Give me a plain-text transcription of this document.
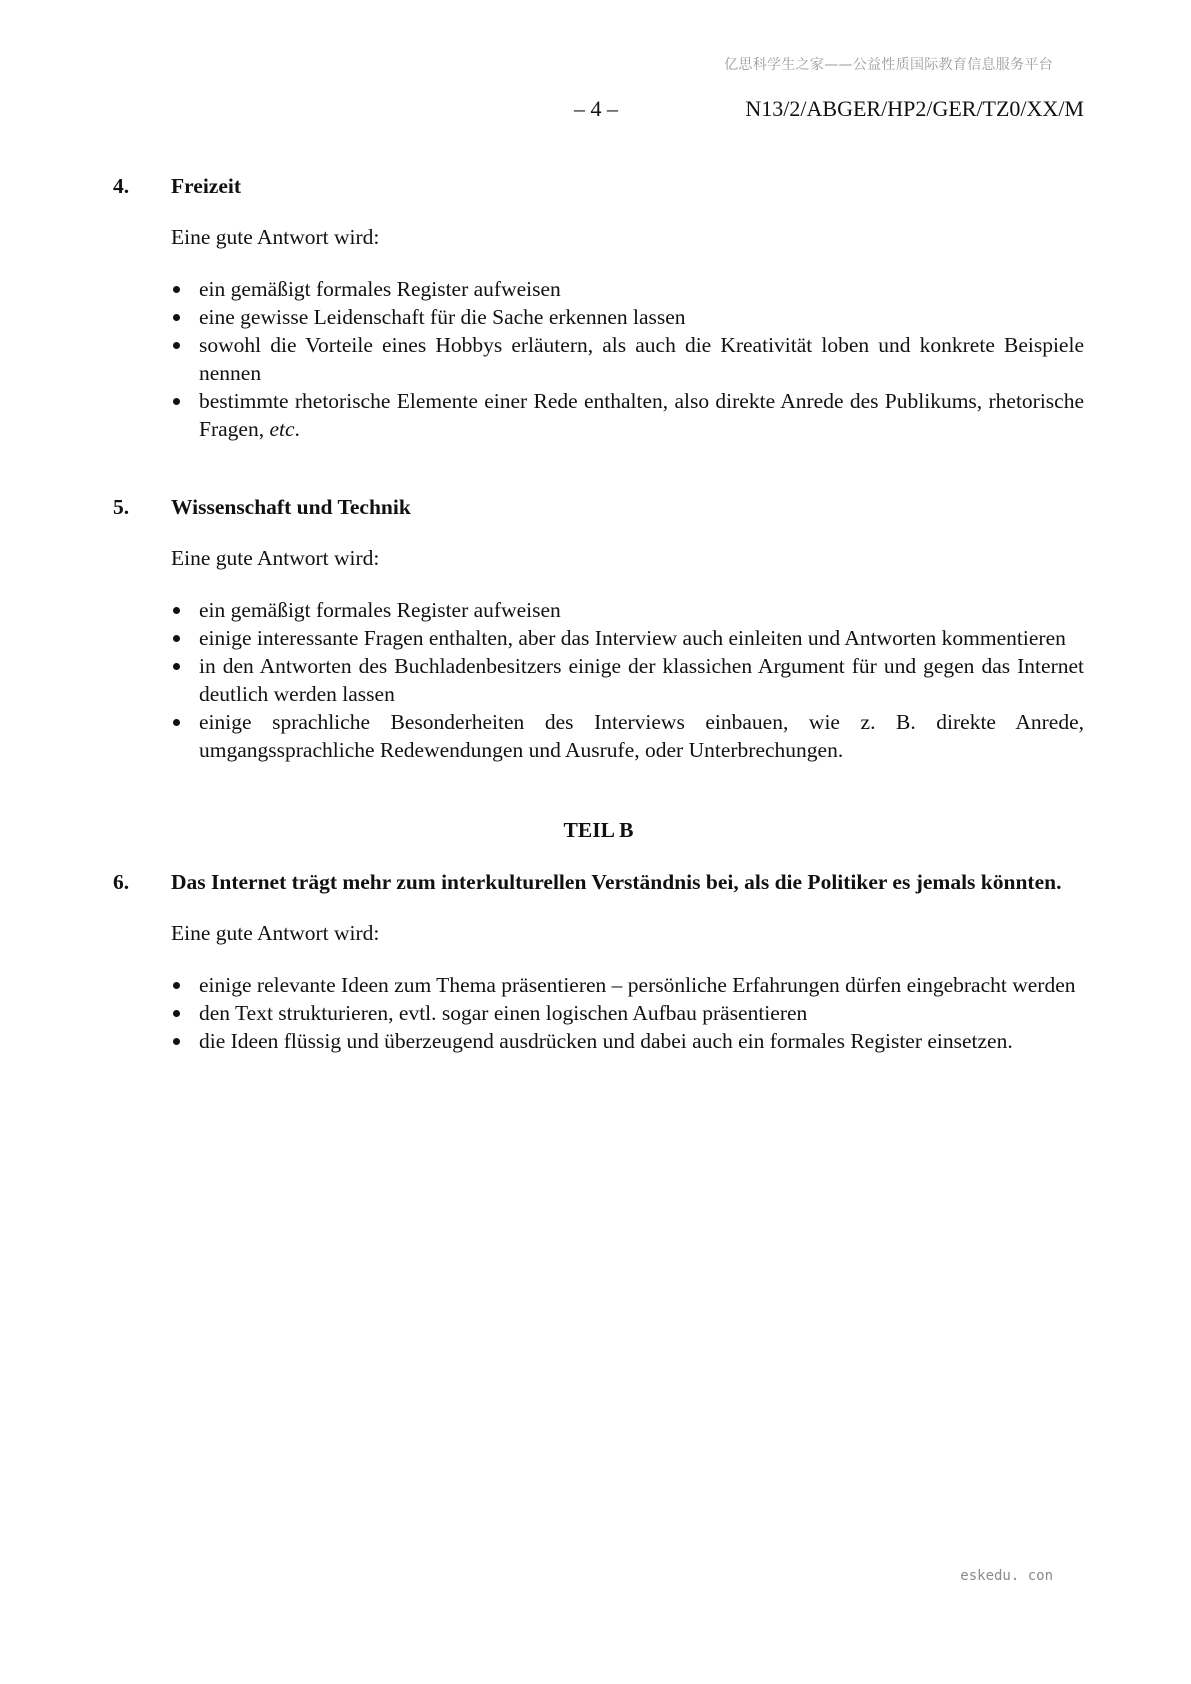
亿思科学生之家——公益性质国际教育信息服务平台
– 4 –	N13/2/ABGER/HP2/GER/TZ0/XX/M
4.	Freizeit
Eine gute Antwort wird:
ein gemäßigt formales Register aufweisen
eine gewisse Leidenschaft für die Sache erkennen lassen
sowohl die Vorteile eines Hobbys erläutern, als auch die Kreativität loben und konkrete Beispiele nennen
bestimmte rhetorische Elemente einer Rede enthalten, also direkte Anrede des Publikums, rhetorische Fragen, etc.
5.	Wissenschaft und Technik
Eine gute Antwort wird:
ein gemäßigt formales Register aufweisen
einige interessante Fragen enthalten, aber das Interview auch einleiten und Antworten kommentieren
in den Antworten des Buchladenbesitzers einige der klassichen Argument für und gegen das Internet deutlich werden lassen
einige sprachliche Besonderheiten des Interviews einbauen, wie z. B. direkte Anrede, umgangssprachliche Redewendungen und Ausrufe, oder Unterbrechungen.
TEIL B
6.	Das Internet trägt mehr zum interkulturellen Verständnis bei, als die Politiker es jemals könnten.
Eine gute Antwort wird:
einige relevante Ideen zum Thema präsentieren – persönliche Erfahrungen dürfen eingebracht werden
den Text strukturieren, evtl. sogar einen logischen Aufbau präsentieren
die Ideen flüssig und überzeugend ausdrücken und dabei auch ein formales Register einsetzen.
eskedu. con
